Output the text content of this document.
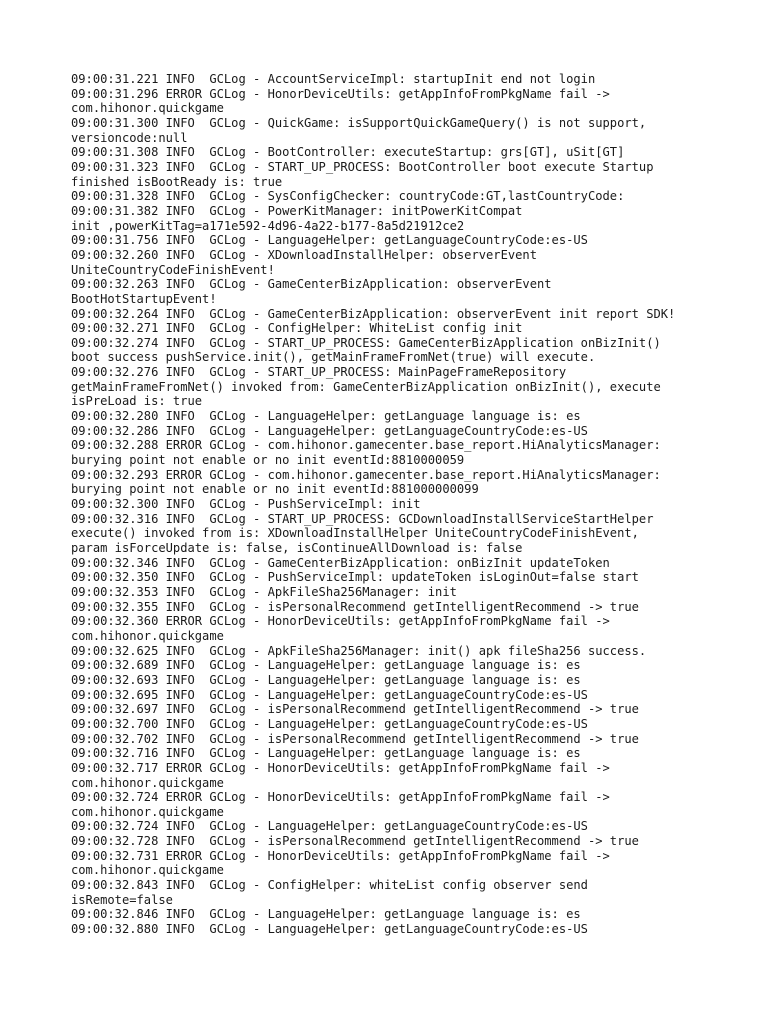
09:00:31.221 INFO  GCLog - AccountServiceImpl: startupInit end not login
09:00:31.296 ERROR GCLog - HonorDeviceUtils: getAppInfoFromPkgName fail ->
com.hihonor.quickgame
09:00:31.300 INFO  GCLog - QuickGame: isSupportQuickGameQuery() is not support,
versioncode:null
09:00:31.308 INFO  GCLog - BootController: executeStartup: grs[GT], uSit[GT]
09:00:31.323 INFO  GCLog - START_UP_PROCESS: BootController boot execute Startup
finished isBootReady is: true
09:00:31.328 INFO  GCLog - SysConfigChecker: countryCode:GT,lastCountryCode:
09:00:31.382 INFO  GCLog - PowerKitManager: initPowerKitCompat
init ,powerKitTag=a171e592-4d96-4a22-b177-8a5d21912ce2
09:00:31.756 INFO  GCLog - LanguageHelper: getLanguageCountryCode:es-US
09:00:32.260 INFO  GCLog - XDownloadInstallHelper: observerEvent
UniteCountryCodeFinishEvent!
09:00:32.263 INFO  GCLog - GameCenterBizApplication: observerEvent
BootHotStartupEvent!
09:00:32.264 INFO  GCLog - GameCenterBizApplication: observerEvent init report SDK!
09:00:32.271 INFO  GCLog - ConfigHelper: WhiteList config init
09:00:32.274 INFO  GCLog - START_UP_PROCESS: GameCenterBizApplication onBizInit()
boot success pushService.init(), getMainFrameFromNet(true) will execute.
09:00:32.276 INFO  GCLog - START_UP_PROCESS: MainPageFrameRepository
getMainFrameFromNet() invoked from: GameCenterBizApplication onBizInit(), execute
isPreLoad is: true
09:00:32.280 INFO  GCLog - LanguageHelper: getLanguage language is: es
09:00:32.286 INFO  GCLog - LanguageHelper: getLanguageCountryCode:es-US
09:00:32.288 ERROR GCLog - com.hihonor.gamecenter.base_report.HiAnalyticsManager:
burying point not enable or no init eventId:8810000059
09:00:32.293 ERROR GCLog - com.hihonor.gamecenter.base_report.HiAnalyticsManager:
burying point not enable or no init eventId:881000000099
09:00:32.300 INFO  GCLog - PushServiceImpl: init
09:00:32.316 INFO  GCLog - START_UP_PROCESS: GCDownloadInstallServiceStartHelper
execute() invoked from is: XDownloadInstallHelper UniteCountryCodeFinishEvent,
param isForceUpdate is: false, isContinueAllDownload is: false
09:00:32.346 INFO  GCLog - GameCenterBizApplication: onBizInit updateToken
09:00:32.350 INFO  GCLog - PushServiceImpl: updateToken isLoginOut=false start
09:00:32.353 INFO  GCLog - ApkFileSha256Manager: init
09:00:32.355 INFO  GCLog - isPersonalRecommend getIntelligentRecommend -> true
09:00:32.360 ERROR GCLog - HonorDeviceUtils: getAppInfoFromPkgName fail ->
com.hihonor.quickgame
09:00:32.625 INFO  GCLog - ApkFileSha256Manager: init() apk fileSha256 success.
09:00:32.689 INFO  GCLog - LanguageHelper: getLanguage language is: es
09:00:32.693 INFO  GCLog - LanguageHelper: getLanguage language is: es
09:00:32.695 INFO  GCLog - LanguageHelper: getLanguageCountryCode:es-US
09:00:32.697 INFO  GCLog - isPersonalRecommend getIntelligentRecommend -> true
09:00:32.700 INFO  GCLog - LanguageHelper: getLanguageCountryCode:es-US
09:00:32.702 INFO  GCLog - isPersonalRecommend getIntelligentRecommend -> true
09:00:32.716 INFO  GCLog - LanguageHelper: getLanguage language is: es
09:00:32.717 ERROR GCLog - HonorDeviceUtils: getAppInfoFromPkgName fail ->
com.hihonor.quickgame
09:00:32.724 ERROR GCLog - HonorDeviceUtils: getAppInfoFromPkgName fail ->
com.hihonor.quickgame
09:00:32.724 INFO  GCLog - LanguageHelper: getLanguageCountryCode:es-US
09:00:32.728 INFO  GCLog - isPersonalRecommend getIntelligentRecommend -> true
09:00:32.731 ERROR GCLog - HonorDeviceUtils: getAppInfoFromPkgName fail ->
com.hihonor.quickgame
09:00:32.843 INFO  GCLog - ConfigHelper: whiteList config observer send
isRemote=false
09:00:32.846 INFO  GCLog - LanguageHelper: getLanguage language is: es
09:00:32.880 INFO  GCLog - LanguageHelper: getLanguageCountryCode:es-US
